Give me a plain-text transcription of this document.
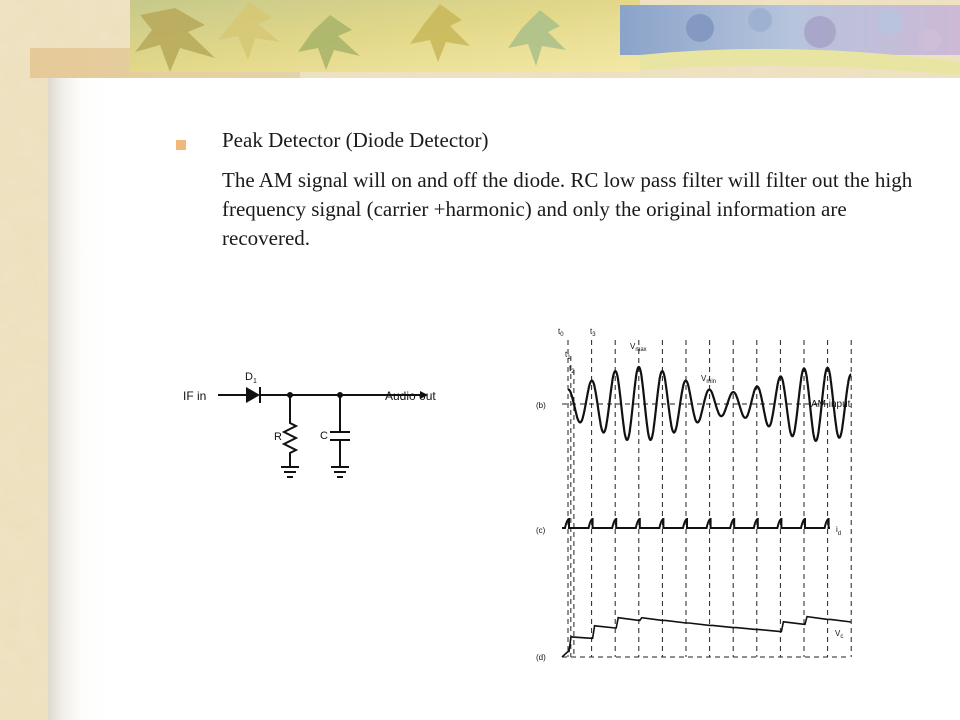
Peak Detector (Diode Detector)
The AM signal will on and off the diode. RC low pass filter will filter out the high frequency signal (carrier +harmonic) and only the original information are recovered.
IF in
$D_1$
Audio out
R	C
$t_0$
$t_1$
$t_2$
$t_3$
$V_{max}$
$V_{min}$
(b)	AM input
(c)	$i_d$
(d)
$V_c$
